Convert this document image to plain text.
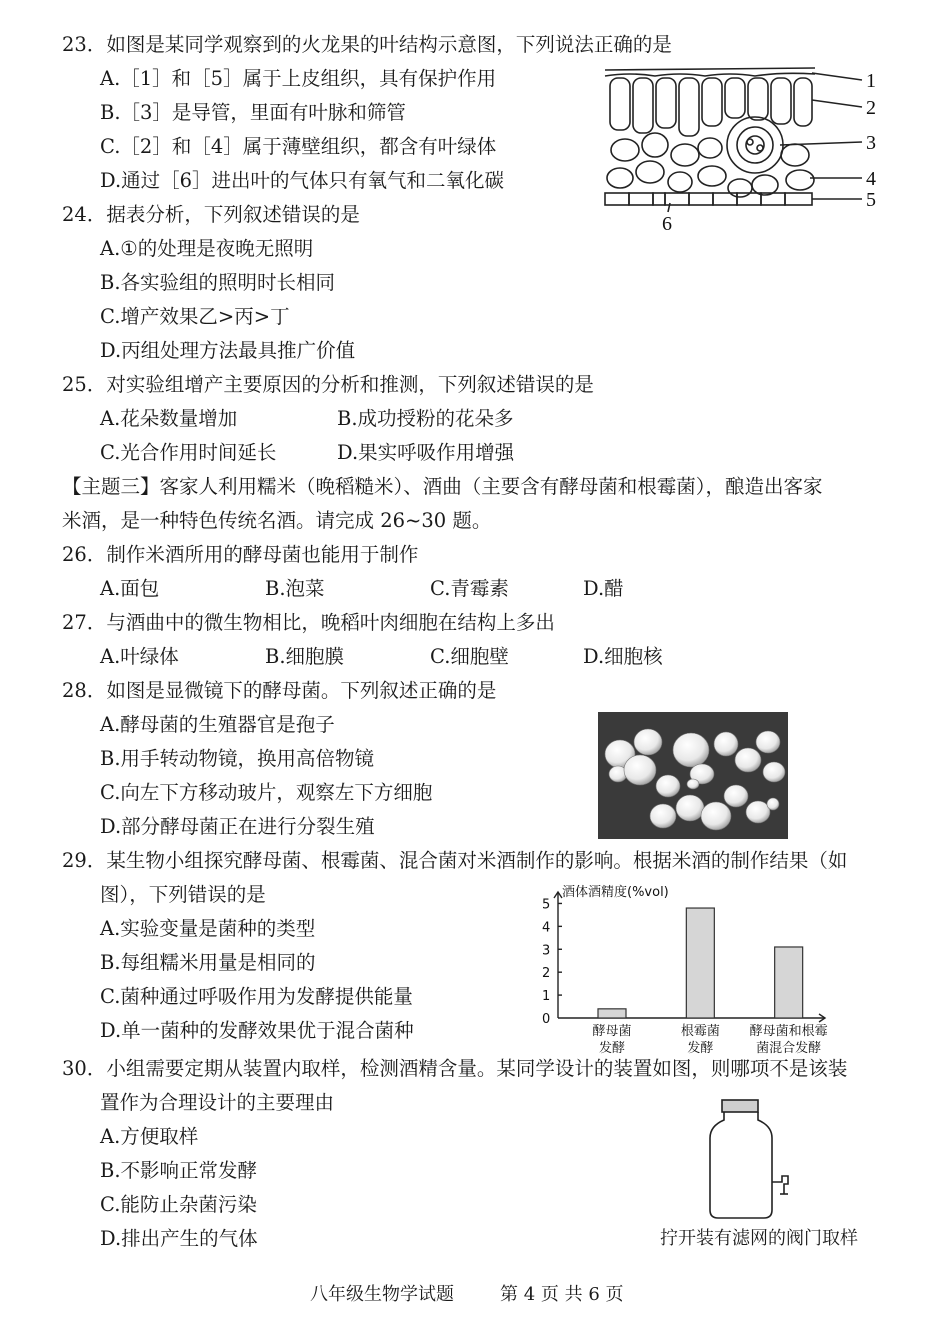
23．如图是某同学观察到的火龙果的叶结构示意图，下列说法正确的是
A.［1］和［5］属于上皮组织，具有保护作用
B.［3］是导管，里面有叶脉和筛管
C.［2］和［4］属于薄壁组织，都含有叶绿体
D.通过［6］进出叶的气体只有氧气和二氧化碳
1
2
3
4
5
6
24．据表分析，下列叙述错误的是
A.①的处理是夜晚无照明
B.各实验组的照明时长相同
C.增产效果乙>丙>丁
D.丙组处理方法最具推广价值
25．对实验组增产主要原因的分析和推测，下列叙述错误的是
A.花朵数量增加	B.成功授粉的花朵多
C.光合作用时间延长	D.果实呼吸作用增强
【主题三】客家人利用糯米（晚稻糙米）、酒曲（主要含有酵母菌和根霉菌），酿造出客家
米酒，是一种特色传统名酒。请完成 26~30 题。
26．制作米酒所用的酵母菌也能用于制作
A.面包	B.泡菜	C.青霉素	D.醋
27．与酒曲中的微生物相比，晚稻叶肉细胞在结构上多出
A.叶绿体	B.细胞膜	C.细胞壁	D.细胞核
28．如图是显微镜下的酵母菌。下列叙述正确的是
A.酵母菌的生殖器官是孢子
B.用手转动物镜，换用高倍物镜
C.向左下方移动玻片，观察左下方细胞
D.部分酵母菌正在进行分裂生殖
29．某生物小组探究酵母菌、根霉菌、混合菌对米酒制作的影响。根据米酒的制作结果（如
图），下列错误的是
A.实验变量是菌种的类型
B.每组糯米用量是相同的
C.菌种通过呼吸作用为发酵提供能量
D.单一菌种的发酵效果优于混合菌种
酒体酒精度(%vol)
0
1
2
3
4
5
酵母菌
发酵
根霉菌
发酵
酵母菌和根霉
菌混合发酵
30．小组需要定期从装置内取样，检测酒精含量。某同学设计的装置如图，则哪项不是该装
置作为合理设计的主要理由
A.方便取样
B.不影响正常发酵
C.能防止杂菌污染
D.排出产生的气体	拧开装有滤网的阀门取样
八年级生物学试题	第 4 页 共 6 页
